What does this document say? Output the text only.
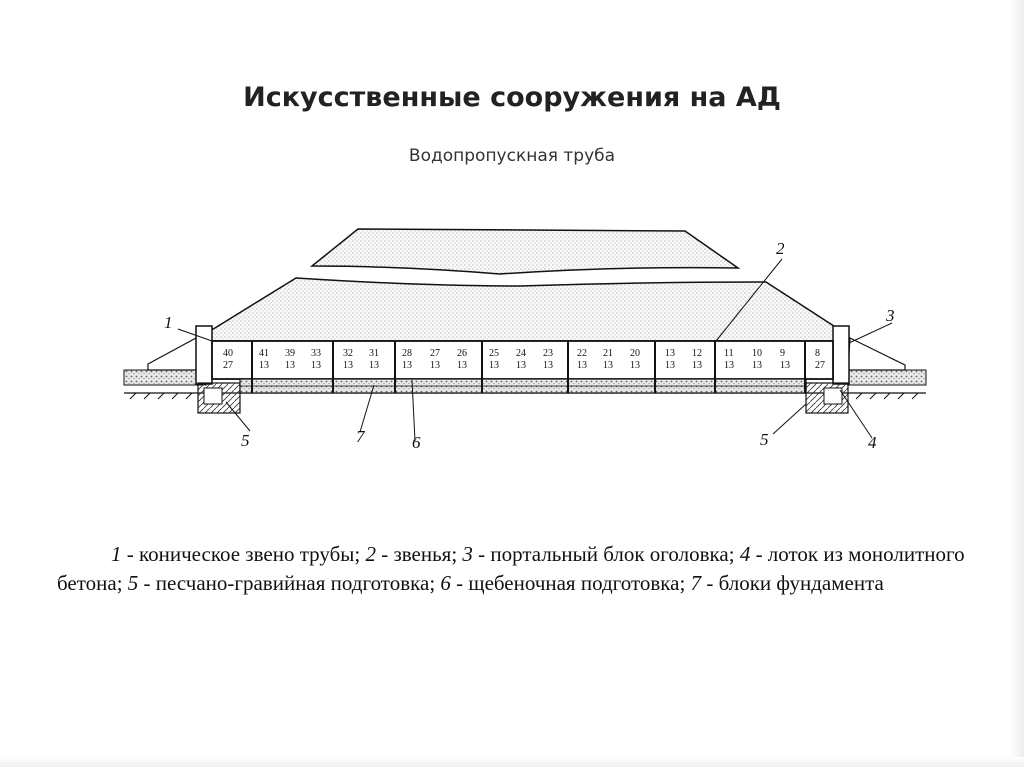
Искусственные сооружения на АД
Водопропускная труба
40
27
41
13
39
13
33
13
32
13
31
13
28
13
27
13
26
13
25
13
24
13
23
13
22
13
21
13
20
13
13
13
12
13
11
13
10
13
9
13
8
27
1
2
3
4
5	5
6
7
1 - коническое звено трубы; 2 - звенья; 3 - портальный блок оголовка; 4 - лоток из монолитного бетона; 5 - песчано-гравийная подготовка; 6 - щебеночная подготовка; 7 - блоки фундамента
